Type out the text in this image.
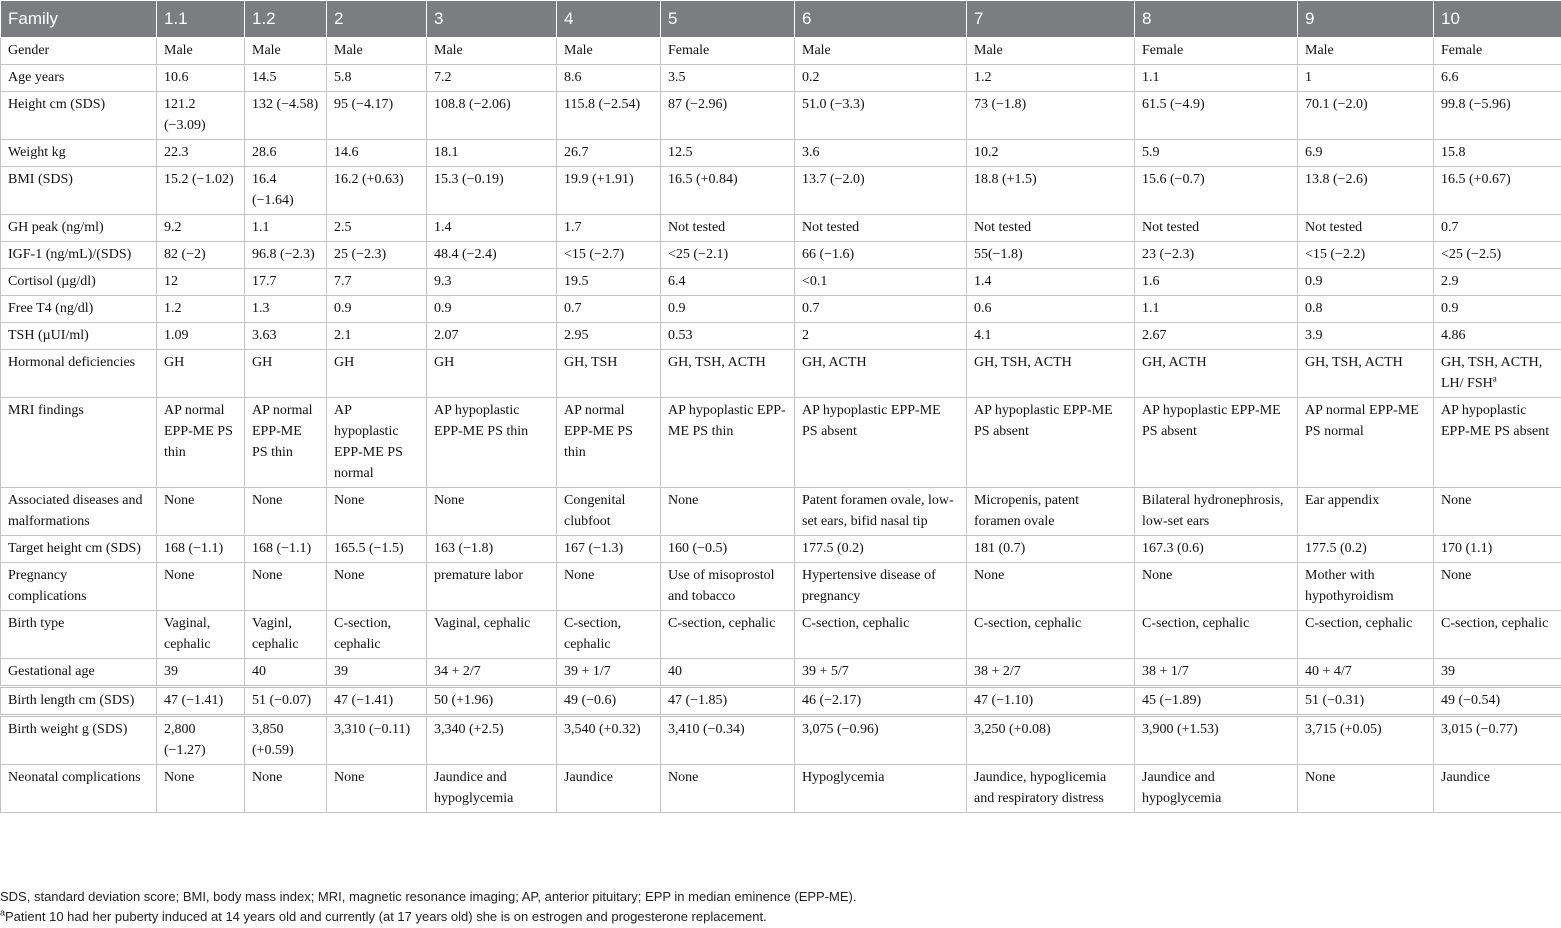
Family	1.1	1.2	2	3	4	5	6	7	8	9	10
Gender	Male	Male	Male	Male	Male	Female	Male	Male	Female	Male	Female
Age years	10.6	14.5	5.8	7.2	8.6	3.5	0.2	1.2	1.1	1	6.6
Height cm (SDS)	121.2 (−3.09)	132 (−4.58)	95 (−4.17)	108.8 (−2.06)	115.8 (−2.54)	87 (−2.96)	51.0 (−3.3)	73 (−1.8)	61.5 (−4.9)	70.1 (−2.0)	99.8 (−5.96)
Weight kg	22.3	28.6	14.6	18.1	26.7	12.5	3.6	10.2	5.9	6.9	15.8
BMI (SDS)	15.2 (−1.02)	16.4 (−1.64)	16.2 (+0.63)	15.3 (−0.19)	19.9 (+1.91)	16.5 (+0.84)	13.7 (−2.0)	18.8 (+1.5)	15.6 (−0.7)	13.8 (−2.6)	16.5 (+0.67)
GH peak (ng/ml)	9.2	1.1	2.5	1.4	1.7	Not tested	Not tested	Not tested	Not tested	Not tested	0.7
IGF-1 (ng/mL)/(SDS)	82 (−2)	96.8 (−2.3)	25 (−2.3)	48.4 (−2.4)	<15 (−2.7)	<25 (−2.1)	66 (−1.6)	55(−1.8)	23 (−2.3)	<15 (−2.2)	<25 (−2.5)
Cortisol (µg/dl)	12	17.7	7.7	9.3	19.5	6.4	<0.1	1.4	1.6	0.9	2.9
Free T4 (ng/dl)	1.2	1.3	0.9	0.9	0.7	0.9	0.7	0.6	1.1	0.8	0.9
TSH (µUI/ml)	1.09	3.63	2.1	2.07	2.95	0.53	2	4.1	2.67	3.9	4.86
Hormonal deficiencies	GH	GH	GH	GH	GH, TSH	GH, TSH, ACTH	GH, ACTH	GH, TSH, ACTH	GH, ACTH	GH, TSH, ACTH	GH, TSH, ACTH, LH/ FSH$^a$
MRI findings	AP normal EPP-ME PS thin	AP normal EPP-ME PS thin	AP hypoplastic EPP-ME PS normal	AP hypoplastic EPP-ME PS thin	AP normal EPP-ME PS thin	AP hypoplastic EPP-ME PS thin	AP hypoplastic EPP-ME PS absent	AP hypoplastic EPP-ME PS absent	AP hypoplastic EPP-ME PS absent	AP normal EPP-ME PS normal	AP hypoplastic EPP-ME PS absent
Associated diseases and malformations	None	None	None	None	Congenital clubfoot	None	Patent foramen ovale, low-set ears, bifid nasal tip	Micropenis, patent foramen ovale	Bilateral hydronephrosis, low-set ears	Ear appendix	None
Target height cm (SDS)	168 (−1.1)	168 (−1.1)	165.5 (−1.5)	163 (−1.8)	167 (−1.3)	160 (−0.5)	177.5 (0.2)	181 (0.7)	167.3 (0.6)	177.5 (0.2)	170 (1.1)
Pregnancy complications	None	None	None	premature labor	None	Use of misoprostol and tobacco	Hypertensive disease of pregnancy	None	None	Mother with hypothyroidism	None
Birth type	Vaginal, cephalic	Vaginl, cephalic	C-section, cephalic	Vaginal, cephalic	C-section, cephalic	C-section, cephalic	C-section, cephalic	C-section, cephalic	C-section, cephalic	C-section, cephalic	C-section, cephalic
Gestational age	39	40	39	34 + 2/7	39 + 1/7	40	39 + 5/7	38 + 2/7	38 + 1/7	40 + 4/7	39
Birth length cm (SDS)	47 (−1.41)	51 (−0.07)	47 (−1.41)	50 (+1.96)	49 (−0.6)	47 (−1.85)	46 (−2.17)	47 (−1.10)	45 (−1.89)	51 (−0.31)	49 (−0.54)
Birth weight g (SDS)	2,800 (−1.27)	3,850 (+0.59)	3,310 (−0.11)	3,340 (+2.5)	3,540 (+0.32)	3,410 (−0.34)	3,075 (−0.96)	3,250 (+0.08)	3,900 (+1.53)	3,715 (+0.05)	3,015 (−0.77)
Neonatal complications	None	None	None	Jaundice and hypoglycemia	Jaundice	None	Hypoglycemia	Jaundice, hypoglicemia and respiratory distress	Jaundice and hypoglycemia	None	Jaundice

SDS, standard deviation score; BMI, body mass index; MRI, magnetic resonance imaging; AP, anterior pituitary; EPP in median eminence (EPP-ME).

$^a$Patient 10 had her puberty induced at 14 years old and currently (at 17 years old) she is on estrogen and progesterone replacement.
